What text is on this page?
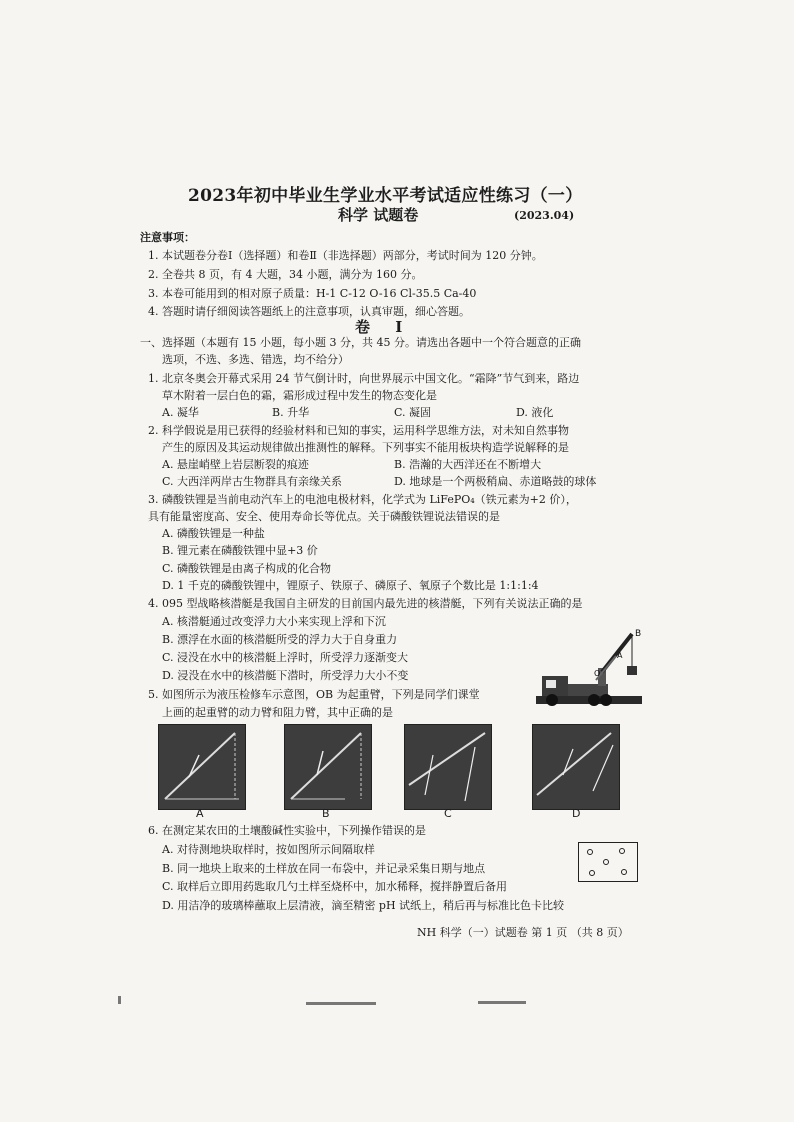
2023年初中毕业生学业水平考试适应性练习（一）
科学 试题卷	(2023.04)
注意事项：
1. 本试题卷分卷Ⅰ（选择题）和卷Ⅱ（非选择题）两部分，考试时间为 120 分钟。
2. 全卷共 8 页，有 4 大题，34 小题，满分为 160 分。
3. 本卷可能用到的相对原子质量：H-1 C-12 O-16 Cl-35.5 Ca-40
4. 答题时请仔细阅读答题纸上的注意事项，认真审题，细心答题。
卷 Ⅰ
一、选择题（本题有 15 小题，每小题 3 分，共 45 分。请选出各题中一个符合题意的正确
选项，不选、多选、错选，均不给分）
1. 北京冬奥会开幕式采用 24 节气倒计时，向世界展示中国文化。“霜降”节气到来，路边
草木附着一层白色的霜，霜形成过程中发生的物态变化是
A. 凝华	B. 升华	C. 凝固	D. 液化
2. 科学假说是用已获得的经验材料和已知的事实，运用科学思维方法，对未知自然事物
产生的原因及其运动规律做出推测性的解释。下列事实不能用板块构造学说解释的是
A. 悬崖峭壁上岩层断裂的痕迹	B. 浩瀚的大西洋还在不断增大
C. 大西洋两岸古生物群具有亲缘关系	D. 地球是一个两极稍扁、赤道略鼓的球体
3. 磷酸铁锂是当前电动汽车上的电池电极材料，化学式为 LiFePO₄（铁元素为+2 价），
具有能量密度高、安全、使用寿命长等优点。关于磷酸铁锂说法错误的是
A. 磷酸铁锂是一种盐
B. 锂元素在磷酸铁锂中显+3 价
C. 磷酸铁锂是由离子构成的化合物
D. 1 千克的磷酸铁锂中，锂原子、铁原子、磷原子、氧原子个数比是 1:1:1:4
4. 095 型战略核潜艇是我国自主研发的目前国内最先进的核潜艇，下列有关说法正确的是
A. 核潜艇通过改变浮力大小来实现上浮和下沉
B. 漂浮在水面的核潜艇所受的浮力大于自身重力
C. 浸没在水中的核潜艇上浮时，所受浮力逐渐变大
D. 浸没在水中的核潜艇下潜时，所受浮力大小不变
B
A
O
5. 如图所示为液压检修车示意图，OB 为起重臂，下列是同学们课堂
上画的起重臂的动力臂和阻力臂，其中正确的是
A	B	C	D
6. 在测定某农田的土壤酸碱性实验中，下列操作错误的是
A. 对待测地块取样时，按如图所示间隔取样
B. 同一地块上取来的土样放在同一布袋中，并记录采集日期与地点
C. 取样后立即用药匙取几勺土样至烧杯中，加水稀释，搅拌静置后备用
D. 用洁净的玻璃棒蘸取上层清液，滴至精密 pH 试纸上，稍后再与标准比色卡比较
NH 科学（一）试题卷 第 1 页 （共 8 页）
